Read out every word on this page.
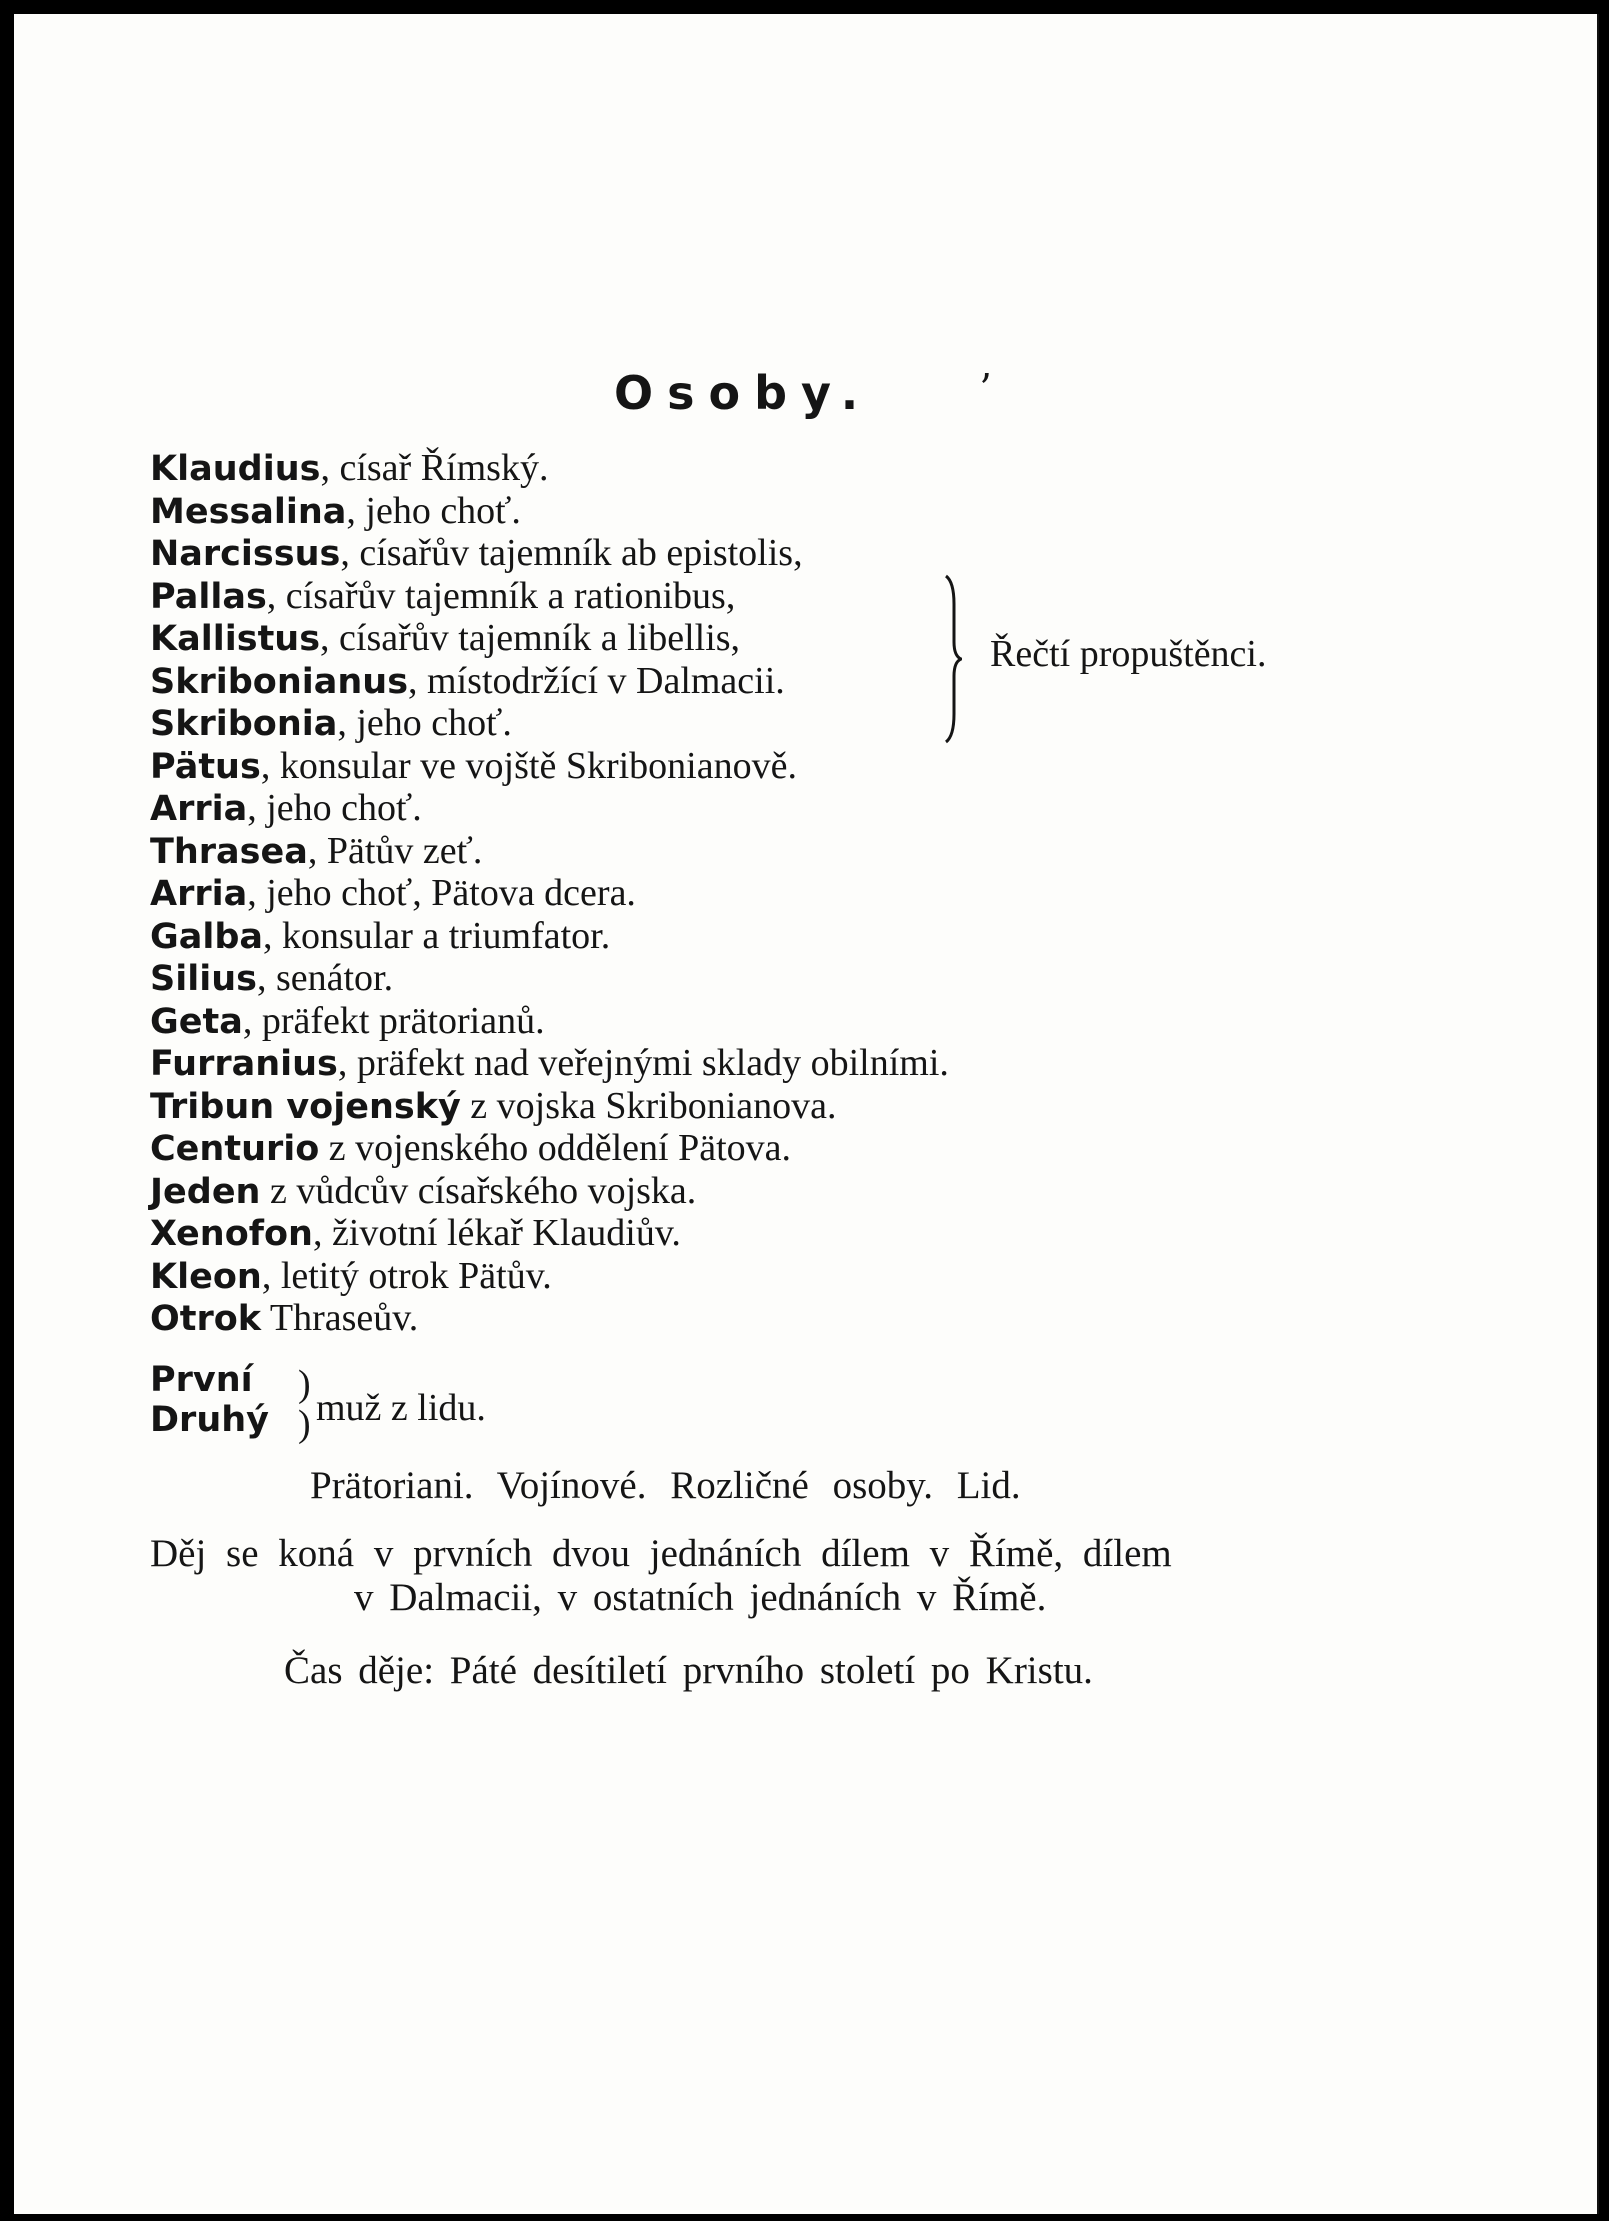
Osoby.	ʼ
Klaudius, císař Římský.
Messalina, jeho choť.
Narcissus, císařův tajemník ab epistolis,
Pallas, císařův tajemník a rationibus,
Kallistus, císařův tajemník a libellis,
Skribonianus, místodržící v Dalmacii.
Skribonia, jeho choť.
Pätus, konsular ve vojště Skribonianově.
Arria, jeho choť.
Thrasea, Pätův zeť.
Arria, jeho choť, Pätova dcera.
Galba, konsular a triumfator.
Silius, senátor.
Geta, präfekt prätorianů.
Furranius, präfekt nad veřejnými sklady obilními.
Tribun vojenský z vojska Skribonianova.
Centurio z vojenského oddělení Pätova.
Jeden z vůdcův císařského vojska.
Xenofon, životní lékař Klaudiův.
Kleon, letitý otrok Pätův.
Otrok Thraseův.
Řečtí propuštěnci.
První
Druhý
)
) muž z lidu.
Prätoriani. Vojínové. Rozličné osoby. Lid.
Děj se koná v prvních dvou jednáních dílem v Římě, dílem
v Dalmacii, v ostatních jednáních v Římě.
Čas děje: Páté desítiletí prvního století po Kristu.
